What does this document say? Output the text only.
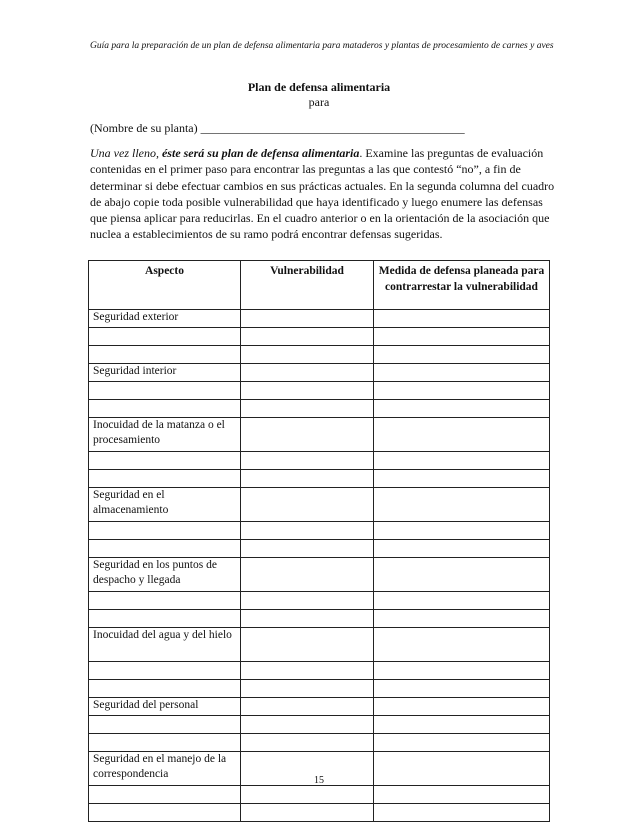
Guía para la preparación de un plan de defensa alimentaria para mataderos y plantas de procesamiento de carnes y aves
Plan de defensa alimentaria
para
(Nombre de su planta) ____________________________________________
Una vez lleno, éste será su plan de defensa alimentaria. Examine las preguntas de evaluación contenidas en el primer paso para encontrar las preguntas a las que contestó “no”, a fin de determinar si debe efectuar cambios en sus prácticas actuales. En la segunda columna del cuadro de abajo copie toda posible vulnerabilidad que haya identificado y luego enumere las defensas que piensa aplicar para reducirlas. En el cuadro anterior o en la orientación de la asociación que nuclea a establecimientos de su ramo podrá encontrar defensas sugeridas.
Aspecto	Vulnerabilidad	Medida de defensa planeada para contrarrestar la vulnerabilidad
Seguridad exterior		

Seguridad interior		

Inocuidad de la matanza o el procesamiento		

Seguridad en el almacenamiento		

Seguridad en los puntos de despacho y llegada		

Inocuidad del agua y del hielo		

Seguridad del personal		

Seguridad en el manejo de la correspondencia		

15
